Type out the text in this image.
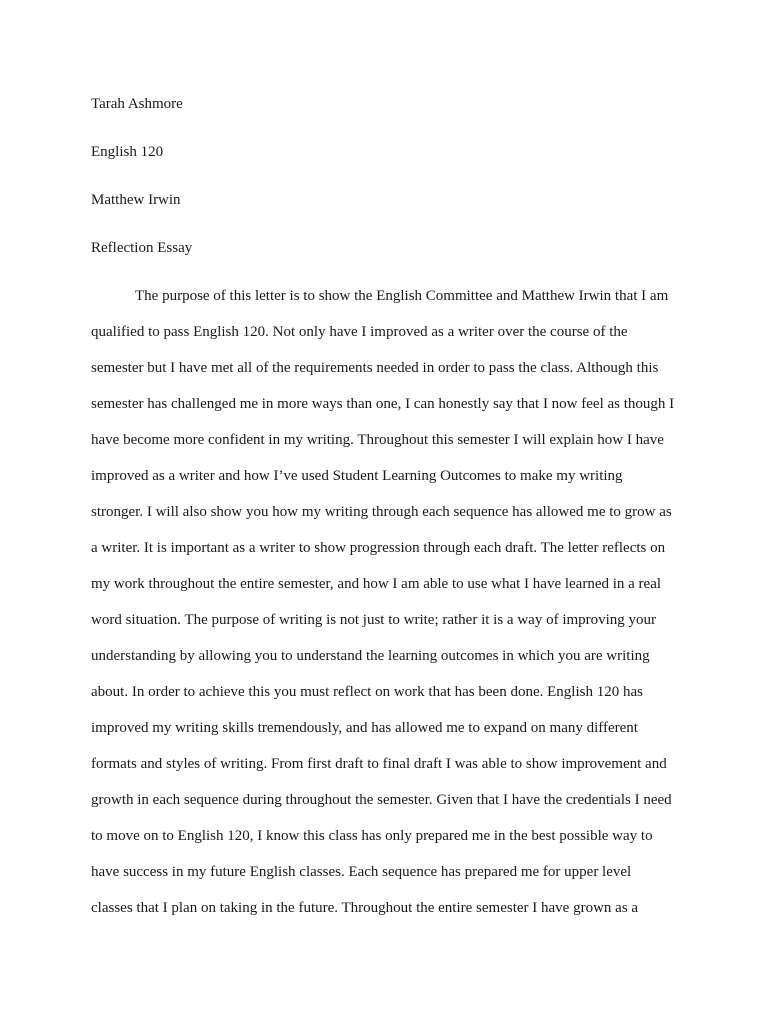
Tarah Ashmore

English 120

Matthew Irwin

Reflection Essay

The purpose of this letter is to show the English Committee and Matthew Irwin that I am
qualified to pass English 120. Not only have I improved as a writer over the course of the
semester but I have met all of the requirements needed in order to pass the class. Although this
semester has challenged me in more ways than one, I can honestly say that I now feel as though I
have become more confident in my writing. Throughout this semester I will explain how I have
improved as a writer and how I’ve used Student Learning Outcomes to make my writing
stronger. I will also show you how my writing through each sequence has allowed me to grow as
a writer. It is important as a writer to show progression through each draft. The letter reflects on
my work throughout the entire semester, and how I am able to use what I have learned in a real
word situation. The purpose of writing is not just to write; rather it is a way of improving your
understanding by allowing you to understand the learning outcomes in which you are writing
about. In order to achieve this you must reflect on work that has been done. English 120 has
improved my writing skills tremendously, and has allowed me to expand on many different
formats and styles of writing. From first draft to final draft I was able to show improvement and
growth in each sequence during throughout the semester. Given that I have the credentials I need
to move on to English 120, I know this class has only prepared me in the best possible way to
have success in my future English classes. Each sequence has prepared me for upper level
classes that I plan on taking in the future. Throughout the entire semester I have grown as a
